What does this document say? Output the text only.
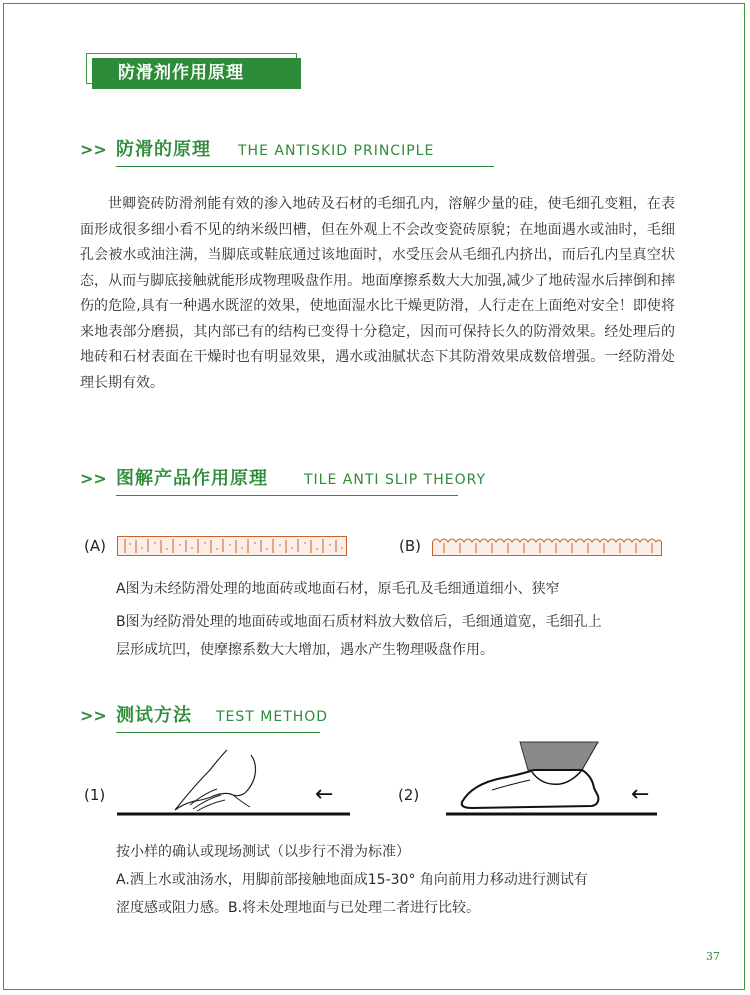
防滑剂作用原理
>> 防滑的原理 THE ANTISKID PRINCIPLE
世卿瓷砖防滑剂能有效的渗入地砖及石材的毛细孔内，溶解少量的硅，使毛细孔变粗，在表面形成很多细小看不见的纳米级凹槽，但在外观上不会改变瓷砖原貌；在地面遇水或油时，毛细孔会被水或油注满，当脚底或鞋底通过该地面时，水受压会从毛细孔内挤出，而后孔内呈真空状态，从而与脚底接触就能形成物理吸盘作用。地面摩擦系数大大加强,减少了地砖湿水后摔倒和摔伤的危险,具有一种遇水既涩的效果，使地面湿水比干燥更防滑，人行走在上面绝对安全！即使将来地表部分磨损，其内部已有的结构已变得十分稳定，因而可保持长久的防滑效果。经处理后的地砖和石材表面在干燥时也有明显效果，遇水或油腻状态下其防滑效果成数倍增强。一经防滑处理长期有效。
>> 图解产品作用原理	TILE ANTI SLIP THEORY
(A)	(B)
A图为未经防滑处理的地面砖或地面石材，原毛孔及毛细通道细小、狭窄
B图为经防滑处理的地面砖或地面石质材料放大数倍后，毛细通道宽，毛细孔上
层形成坑凹，使摩擦系数大大增加，遇水产生物理吸盘作用。
>> 测试方法 TEST METHOD
(1)	←	(2)	←
按小样的确认或现场测试（以步行不滑为标准）
A.洒上水或油汤水，用脚前部接触地面成15-30° 角向前用力移动进行测试有
涩度感或阻力感。B.将未处理地面与已处理二者进行比较。
37
